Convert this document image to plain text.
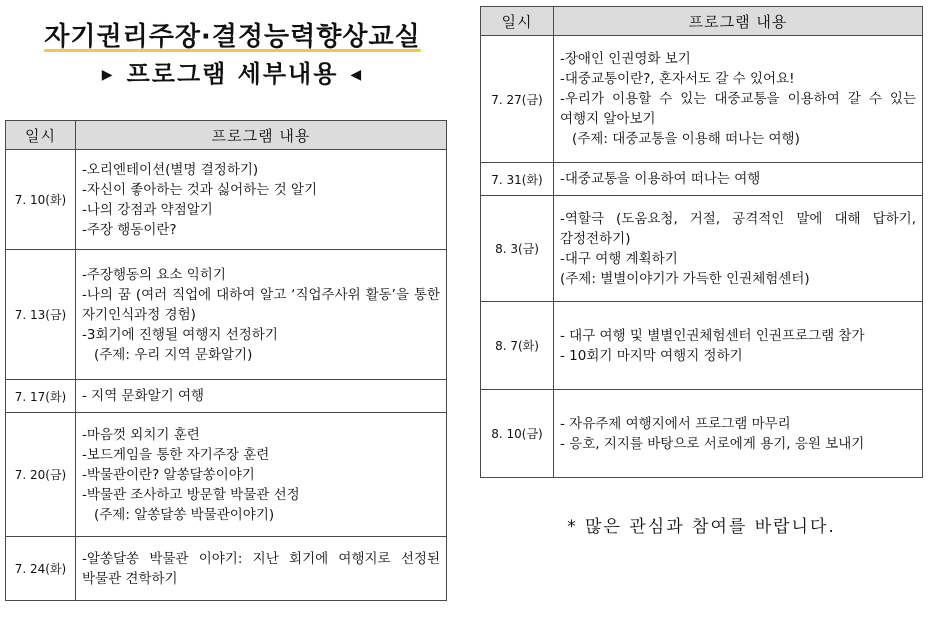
자기권리주장·결정능력향상교실
▶ 프로그램 세부내용 ◀
일시	프로그램 내용
7. 10(화)	-오리엔테이션(별명 결정하기)
-자신이 좋아하는 것과 싫어하는 것 알기
-나의 강점과 약점알기
-주장 행동이란?

7. 13(금)	-주장행동의 요소 익히기
-나의 꿈 (여러 직업에 대하여 알고 ‘직업주사위 활동’을 통한 자기인식과정 경험)
-3회기에 진행될 여행지 선정하기
(주제: 우리 지역 문화알기)

7. 17(화)	- 지역 문화알기 여행

7. 20(금)	-마음껏 외치기 훈련
-보드게임을 통한 자기주장 훈련
-박물관이란? 알쏭달쏭이야기
-박물관 조사하고 방문할 박물관 선정
(주제: 알쏭달쏭 박물관이야기)

7. 24(화)	-알쏭달쏭 박물관 이야기: 지난 회기에 여행지로 선정된 박물관 견학하기
일시	프로그램 내용
7. 27(금)	-장애인 인권영화 보기
-대중교통이란?, 혼자서도 갈 수 있어요!
-우리가 이용할 수 있는 대중교통을 이용하여 갈 수 있는 여행지 알아보기
(주제: 대중교통을 이용해 떠나는 여행)

7. 31(화)	-대중교통을 이용하여 떠나는 여행

8. 3(금)	-역할극 (도움요청, 거절, 공격적인 말에 대해 답하기, 감정전하기)
-대구 여행 계획하기
(주제: 별별이야기가 가득한 인권체험센터)

8. 7(화)	- 대구 여행 및 별별인권체험센터 인권프로그램 참가
- 10회기 마지막 여행지 정하기

8. 10(금)	- 자유주제 여행지에서 프로그램 마무리
- 응호, 지지를 바탕으로 서로에게 용기, 응원 보내기
* 많은 관심과 참여를 바랍니다.
